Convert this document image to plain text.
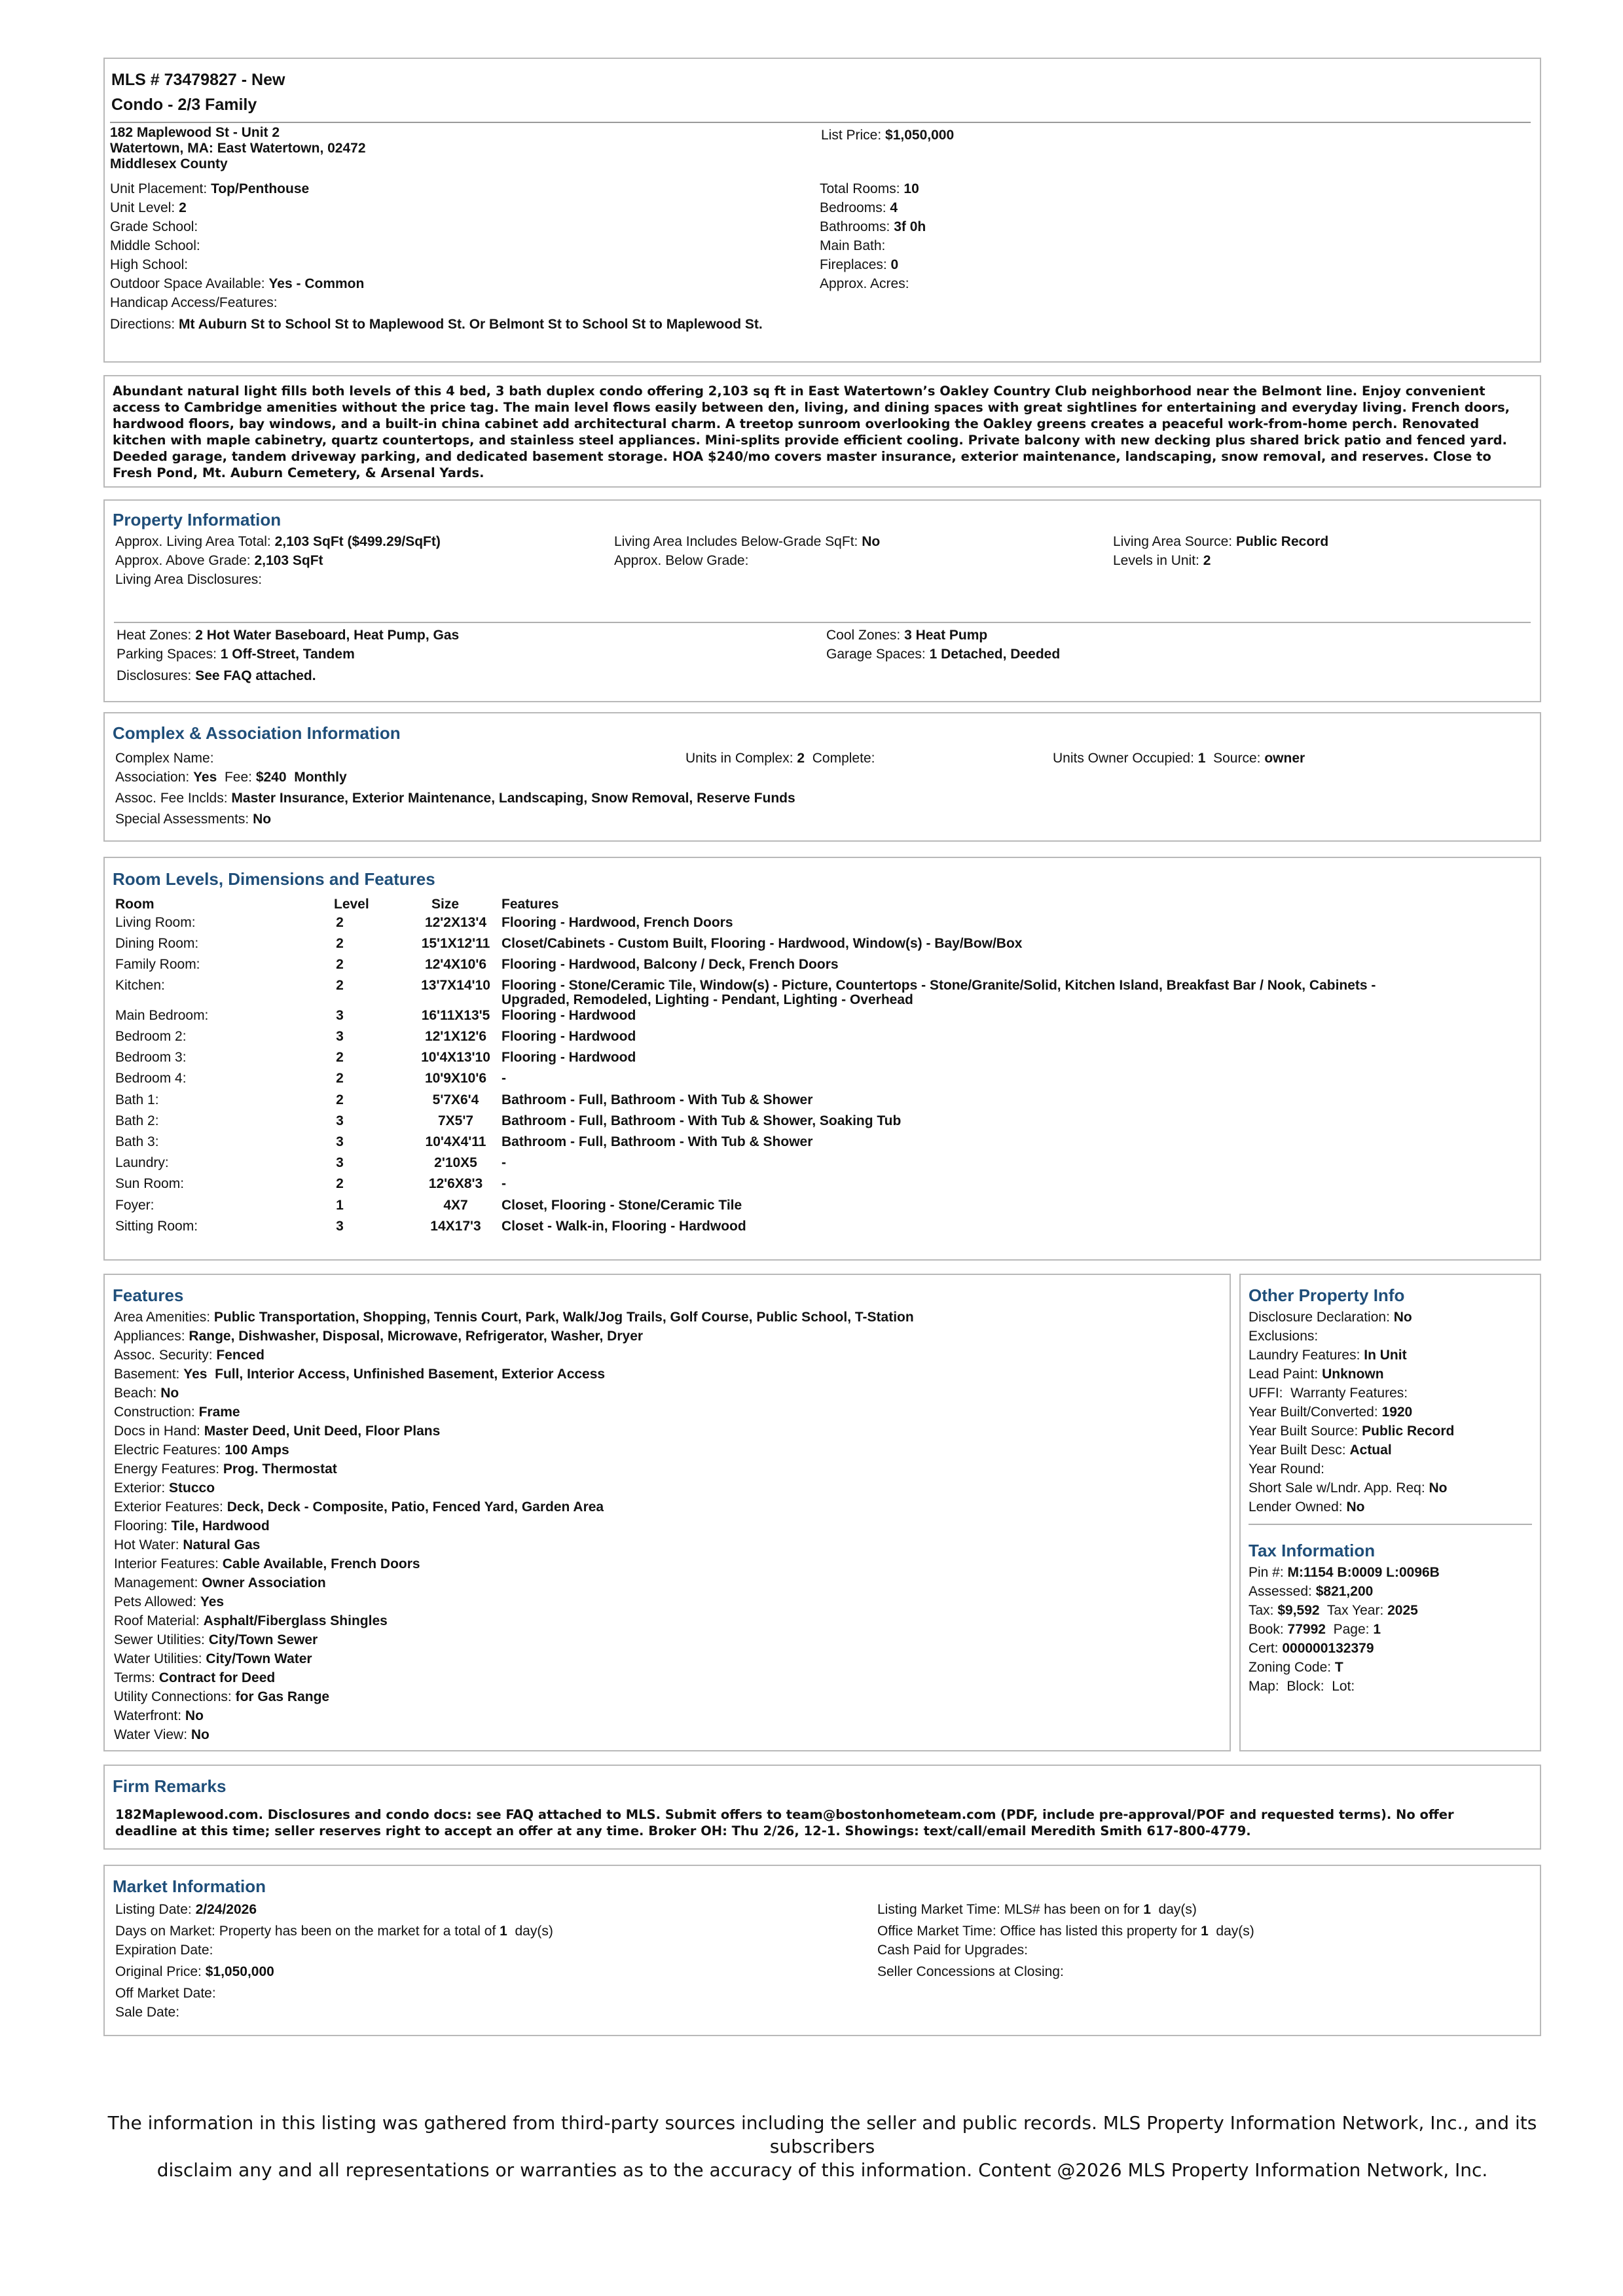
MLS # 73479827 - New
Condo - 2/3 Family
182 Maplewood St - Unit 2
Watertown, MA: East Watertown, 02472
Middlesex County
List Price: $1,050,000
Unit Placement: Top/Penthouse
Unit Level: 2
Grade School:
Middle School:
High School:
Outdoor Space Available: Yes - Common
Handicap Access/Features:
Directions: Mt Auburn St to School St to Maplewood St. Or Belmont St to School St to Maplewood St.
Total Rooms: 10
Bedrooms: 4
Bathrooms: 3f 0h
Main Bath:
Fireplaces: 0
Approx. Acres:
Abundant natural light fills both levels of this 4 bed, 3 bath duplex condo offering 2,103 sq ft in East Watertown’s Oakley Country Club neighborhood near the Belmont line. Enjoy convenient
access to Cambridge amenities without the price tag. The main level flows easily between den, living, and dining spaces with great sightlines for entertaining and everyday living. French doors,
hardwood floors, bay windows, and a built-in china cabinet add architectural charm. A treetop sunroom overlooking the Oakley greens creates a peaceful work-from-home perch. Renovated
kitchen with maple cabinetry, quartz countertops, and stainless steel appliances. Mini-splits provide efficient cooling. Private balcony with new decking plus shared brick patio and fenced yard.
Deeded garage, tandem driveway parking, and dedicated basement storage. HOA $240/mo covers master insurance, exterior maintenance, landscaping, snow removal, and reserves. Close to
Fresh Pond, Mt. Auburn Cemetery, & Arsenal Yards.
Property Information
Approx. Living Area Total: 2,103 SqFt ($499.29/SqFt)
Approx. Above Grade: 2,103 SqFt
Living Area Disclosures:
Living Area Includes Below-Grade SqFt: No
Approx. Below Grade:
Living Area Source: Public Record
Levels in Unit: 2
Heat Zones: 2 Hot Water Baseboard, Heat Pump, Gas
Parking Spaces: 1 Off-Street, Tandem
Disclosures: See FAQ attached.
Cool Zones: 3 Heat Pump
Garage Spaces: 1 Detached, Deeded
Complex & Association Information
Complex Name:
Association: Yes  Fee: $240  Monthly
Assoc. Fee Inclds: Master Insurance, Exterior Maintenance, Landscaping, Snow Removal, Reserve Funds
Special Assessments: No
Units in Complex: 2  Complete:	Units Owner Occupied: 1  Source: owner
Room Levels, Dimensions and Features
Room	Level	Size	Features
Living Room:	2	12'2X13'4	Flooring - Hardwood, French Doors
Dining Room:	2	15'1X12'11 Closet/Cabinets - Custom Built, Flooring - Hardwood, Window(s) - Bay/Bow/Box
Family Room:	2	12'4X10'6	Flooring - Hardwood, Balcony / Deck, French Doors
Kitchen:	2	13'7X14'10 Flooring - Stone/Ceramic Tile, Window(s) - Picture, Countertops - Stone/Granite/Solid, Kitchen Island, Breakfast Bar / Nook, Cabinets -
Upgraded, Remodeled, Lighting - Pendant, Lighting - Overhead
Main Bedroom:	3	16'11X13'5 Flooring - Hardwood
Bedroom 2:	3	12'1X12'6	Flooring - Hardwood
Bedroom 3:	2	10'4X13'10 Flooring - Hardwood
Bedroom 4:	2	10'9X10'6	-
Bath 1:	2	5'7X6'4	Bathroom - Full, Bathroom - With Tub & Shower
Bath 2:	3	7X5'7	Bathroom - Full, Bathroom - With Tub & Shower, Soaking Tub
Bath 3:	3	10'4X4'11	Bathroom - Full, Bathroom - With Tub & Shower
Laundry:	3	2'10X5	-
Sun Room:	2	12'6X8'3	-
Foyer:	1	4X7	Closet, Flooring - Stone/Ceramic Tile
Sitting Room:	3	14X17'3	Closet - Walk-in, Flooring - Hardwood
Features
Area Amenities: Public Transportation, Shopping, Tennis Court, Park, Walk/Jog Trails, Golf Course, Public School, T-Station
Appliances: Range, Dishwasher, Disposal, Microwave, Refrigerator, Washer, Dryer
Assoc. Security: Fenced
Basement: Yes  Full, Interior Access, Unfinished Basement, Exterior Access
Beach: No
Construction: Frame
Docs in Hand: Master Deed, Unit Deed, Floor Plans
Electric Features: 100 Amps
Energy Features: Prog. Thermostat
Exterior: Stucco
Exterior Features: Deck, Deck - Composite, Patio, Fenced Yard, Garden Area
Flooring: Tile, Hardwood
Hot Water: Natural Gas
Interior Features: Cable Available, French Doors
Management: Owner Association
Pets Allowed: Yes
Roof Material: Asphalt/Fiberglass Shingles
Sewer Utilities: City/Town Sewer
Water Utilities: City/Town Water
Terms: Contract for Deed
Utility Connections: for Gas Range
Waterfront: No
Water View: No
Other Property Info
Disclosure Declaration: No
Exclusions:
Laundry Features: In Unit
Lead Paint: Unknown
UFFI:  Warranty Features:
Year Built/Converted: 1920
Year Built Source: Public Record
Year Built Desc: Actual
Year Round:
Short Sale w/Lndr. App. Req: No
Lender Owned: No
Tax Information
Pin #: M:1154 B:0009 L:0096B
Assessed: $821,200
Tax: $9,592  Tax Year: 2025
Book: 77992  Page: 1
Cert: 000000132379
Zoning Code: T
Map:  Block:  Lot:
Firm Remarks
182Maplewood.com. Disclosures and condo docs: see FAQ attached to MLS. Submit offers to team@bostonhometeam.com (PDF, include pre-approval/POF and requested terms). No offer
deadline at this time; seller reserves right to accept an offer at any time. Broker OH: Thu 2/26, 12-1. Showings: text/call/email Meredith Smith 617-800-4779.
Market Information
Listing Date: 2/24/2026
Days on Market: Property has been on the market for a total of 1  day(s)
Expiration Date:
Original Price: $1,050,000
Off Market Date:
Sale Date:
Listing Market Time: MLS# has been on for 1  day(s)
Office Market Time: Office has listed this property for 1  day(s)
Cash Paid for Upgrades:
Seller Concessions at Closing:
The information in this listing was gathered from third-party sources including the seller and public records. MLS Property Information Network, Inc., and its subscribers
disclaim any and all representations or warranties as to the accuracy of this information. Content @2026 MLS Property Information Network, Inc.
